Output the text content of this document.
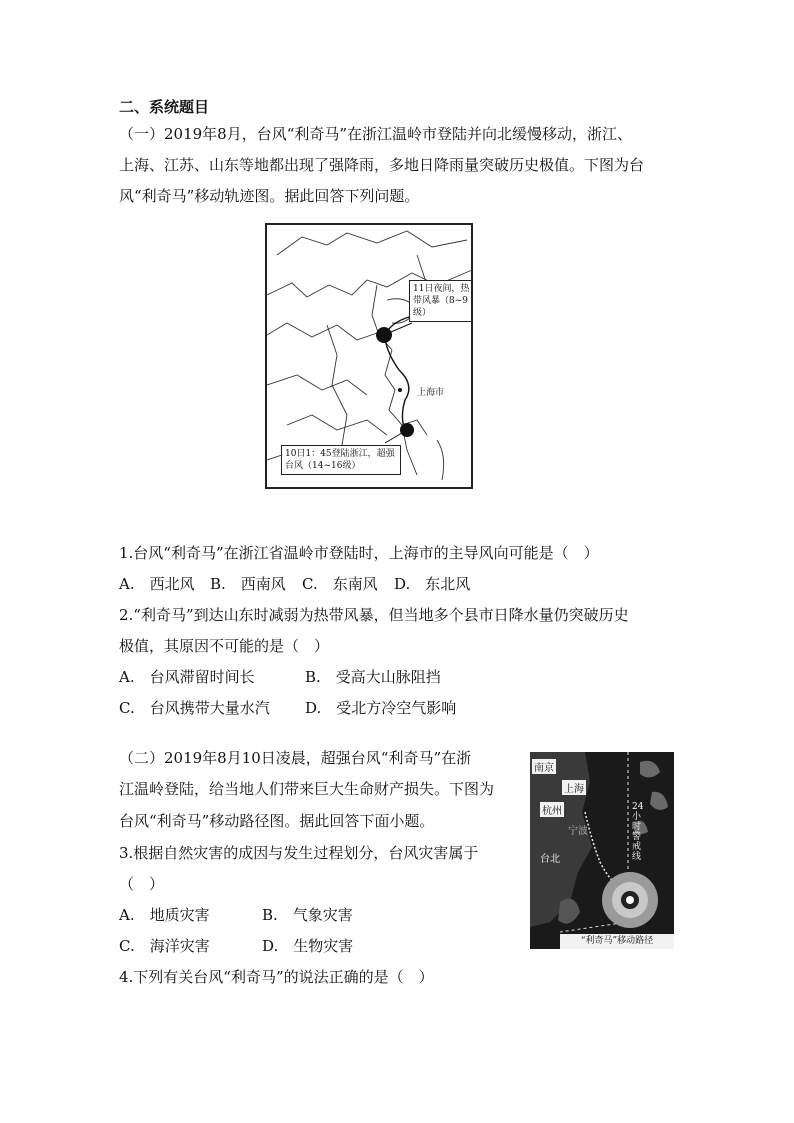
二、系统题目

（一）2019年8月，台风“利奇马”在浙江温岭市登陆并向北缓慢移动，浙江、

上海、江苏、山东等地都出现了强降雨，多地日降雨量突破历史极值。下图为台

风“利奇马”移动轨迹图。据此回答下列问题。

11日夜间，热带风暴（8~9级）
上海市
10日1：45登陆浙江，超强台风（14~16级）

1.台风“利奇马”在浙江省温岭市登陆时，上海市的主导风向可能是（　）

A.　西北风 B.　西南风 C.　东南风 D.　东北风

2.“利奇马”到达山东时减弱为热带风暴，但当地多个县市日降水量仍突破历史

极值，其原因不可能的是（　）

A.　台风滞留时间长	B.　受高大山脉阻挡
C.　台风携带大量水汽 D.　受北方冷空气影响

（二）2019年8月10日凌晨，超强台风“利奇马”在浙

江温岭登陆，给当地人们带来巨大生命财产损失。下图为

台风“利奇马”移动路径图。据此回答下面小题。

南京
上海
杭州
宁波
台北
24小时警戒线
“利奇马”移动路径

3.根据自然灾害的成因与发生过程划分，台风灾害属于

（　）

A.　地质灾害	B.　气象灾害
C.　海洋灾害	D.　生物灾害

4.下列有关台风“利奇马”的说法正确的是（　）
